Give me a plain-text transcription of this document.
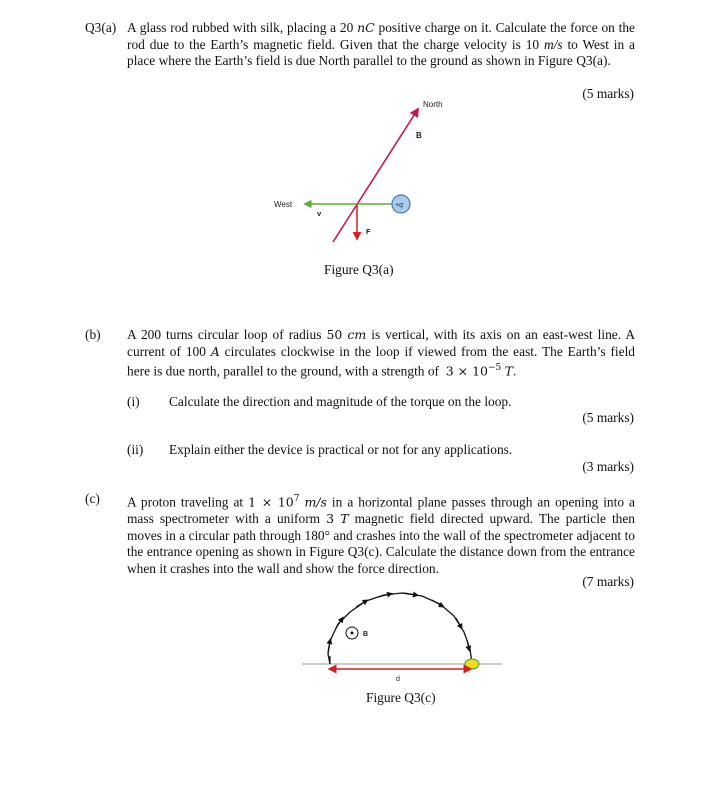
Q3(a) A glass rod rubbed with silk, placing a 20 nC positive charge on it. Calculate the force on the rod due to the Earth’s magnetic field. Given that the charge velocity is 10 m/s to West in a place where the Earth’s field is due North parallel to the ground as shown in Figure Q3(a).
(5 marks)
North
B
West
v
F
+q
Figure Q3(a)
(b) A 200 turns circular loop of radius 50 cm is vertical, with its axis on an east-west line. A current of 100 A circulates clockwise in the loop if viewed from the east. The Earth’s field here is due north, parallel to the ground, with a strength of  $3 \times 10^{-5}$ T.
(i) Calculate the direction and magnitude of the torque on the loop.
(5 marks)
(ii) Explain either the device is practical or not for any applications.
(3 marks)
(c) A proton traveling at $1 \times 10^7$ m/s in a horizontal plane passes through an opening into a mass spectrometer with a uniform 3 T magnetic field directed upward. The particle then moves in a circular path through 180° and crashes into the wall of the spectrometer adjacent to the entrance opening as shown in Figure Q3(c). Calculate the distance down from the entrance when it crashes into the wall and show the force direction.
(7 marks)
B
d
Figure Q3(c)
